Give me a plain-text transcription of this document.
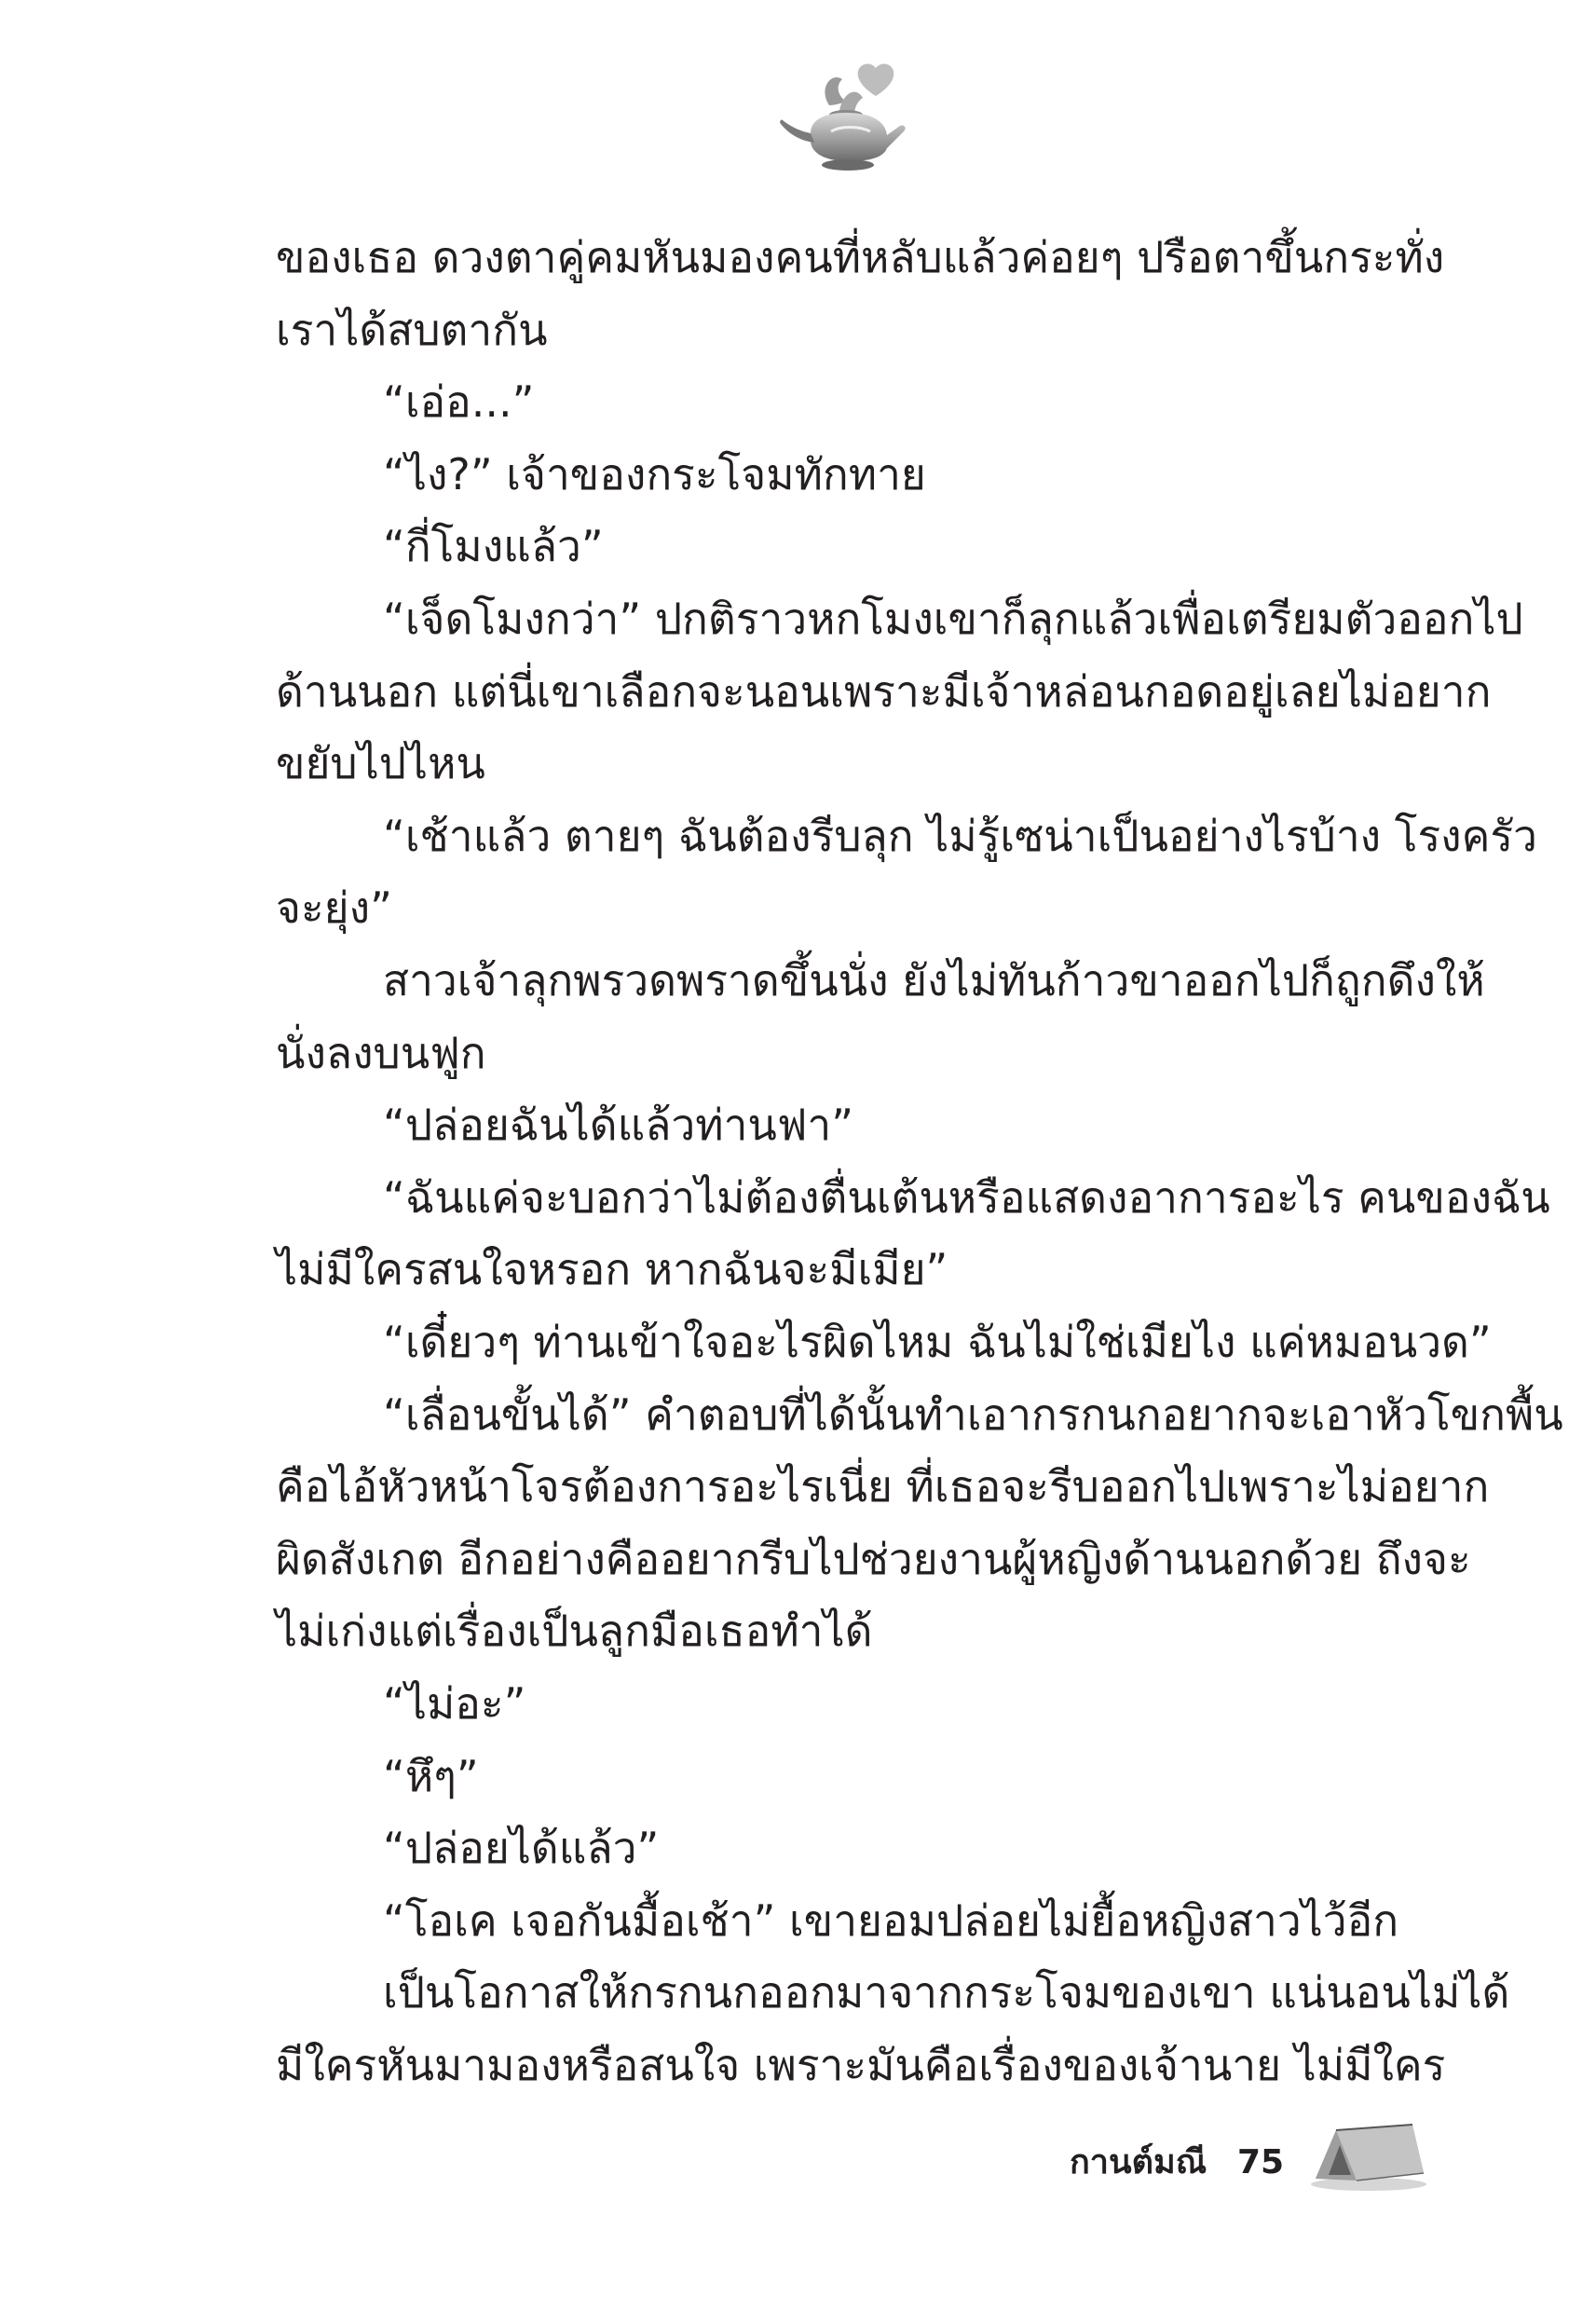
ของเธอ ดวงตาคู่คมหันมองคนที่หลับแล้วค่อยๆ ปรือตาขึ้นกระทั่ง
เราได้สบตากัน
“เอ่อ...”
“ไง?” เจ้าของกระโจมทักทาย
“กี่โมงแล้ว”
“เจ็ดโมงกว่า” ปกติราวหกโมงเขาก็ลุกแล้วเพื่อเตรียมตัวออกไป
ด้านนอก แต่นี่เขาเลือกจะนอนเพราะมีเจ้าหล่อนกอดอยู่เลยไม่อยาก
ขยับไปไหน
“เช้าแล้ว ตายๆ ฉันต้องรีบลุก ไม่รู้เซน่าเป็นอย่างไรบ้าง โรงครัว
จะยุ่ง”
สาวเจ้าลุกพรวดพราดขึ้นนั่ง ยังไม่ทันก้าวขาออกไปก็ถูกดึงให้
นั่งลงบนฟูก
“ปล่อยฉันได้แล้วท่านฟา”
“ฉันแค่จะบอกว่าไม่ต้องตื่นเต้นหรือแสดงอาการอะไร คนของฉัน
ไม่มีใครสนใจหรอก หากฉันจะมีเมีย”
“เดี๋ยวๆ ท่านเข้าใจอะไรผิดไหม ฉันไม่ใช่เมียไง แค่หมอนวด”
“เลื่อนขั้นได้” คำตอบที่ได้นั้นทำเอากรกนกอยากจะเอาหัวโขกพื้น
คือไอ้หัวหน้าโจรต้องการอะไรเนี่ย ที่เธอจะรีบออกไปเพราะไม่อยาก
ผิดสังเกต อีกอย่างคืออยากรีบไปช่วยงานผู้หญิงด้านนอกด้วย ถึงจะ
ไม่เก่งแต่เรื่องเป็นลูกมือเธอทำได้
“ไม่อะ”
“หึๆ”
“ปล่อยได้แล้ว”
“โอเค เจอกันมื้อเช้า” เขายอมปล่อยไม่ยื้อหญิงสาวไว้อีก
เป็นโอกาสให้กรกนกออกมาจากกระโจมของเขา แน่นอนไม่ได้
มีใครหันมามองหรือสนใจ เพราะมันคือเรื่องของเจ้านาย ไม่มีใคร
กานต์มณี 75
